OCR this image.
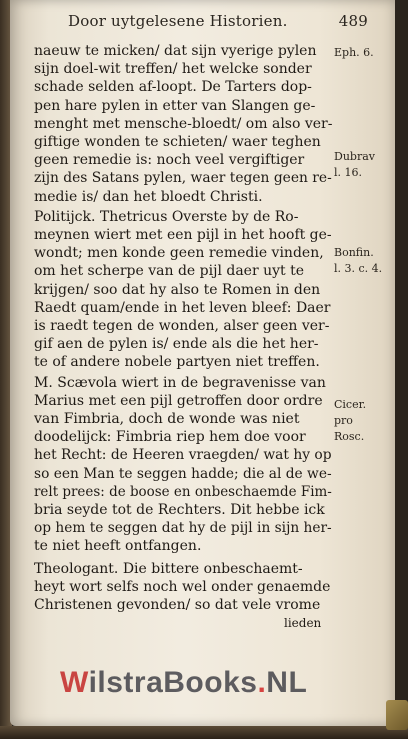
Door uytgelesene Historien.	489
naeuw te micken/ dat sijn vyerige pylen
sijn doel-wit treffen/ het welcke sonder
schade selden af-loopt. De Tarters dop-
pen hare pylen in etter van Slangen ge-
menght met mensche-bloedt/ om also ver-
giftige wonden te schieten/ waer teghen
geen remedie is: noch veel vergiftiger
zijn des Satans pylen, waer tegen geen re-
medie is/ dan het bloedt Christi.
Politijck. Thetricus Overste by de Ro-
meynen wiert met een pijl in het hooft ge-
wondt; men konde geen remedie vinden,
om het scherpe van de pijl daer uyt te
krijgen/ soo dat hy also te Romen in den
Raedt quam/ende in het leven bleef: Daer
is raedt tegen de wonden, alser geen ver-
gif aen de pylen is/ ende als die het her-
te of andere nobele partyen niet treffen.
M. Scævola wiert in de begravenisse van
Marius met een pijl getroffen door ordre
van Fimbria, doch de wonde was niet
doodelijck: Fimbria riep hem doe voor
het Recht: de Heeren vraegden/ wat hy op
so een Man te seggen hadde; die al de we-
relt prees: de boose en onbeschaemde Fim-
bria seyde tot de Rechters. Dit hebbe ick
op hem te seggen dat hy de pijl in sijn her-
te niet heeft ontfangen.
Theologant. Die bittere onbeschaemt-
heyt wort selfs noch wel onder genaemde
Christenen gevonden/ so dat vele vrome
lieden
Eph. 6.
Dubrav
l. 16.
Bonfin.
l. 3. c. 4.
Cicer.
pro
Rosc.
WilstraBooks.NL
